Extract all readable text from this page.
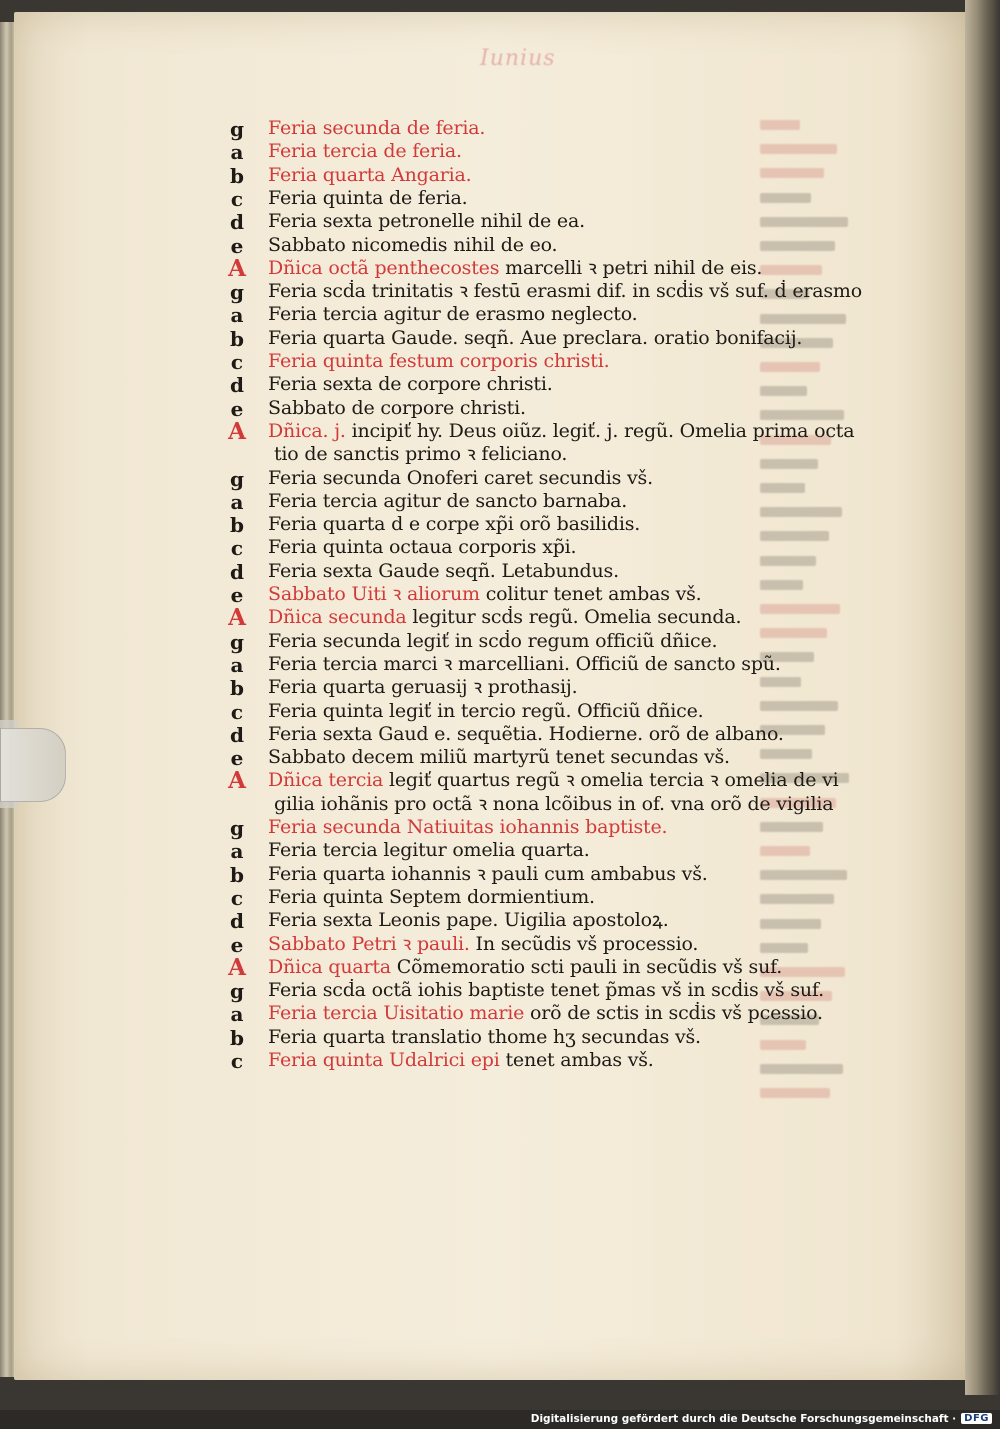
Iunius
g	Feria secunda de feria.
a	Feria tercia de feria.
b	Feria quarta Angaria.
c	Feria quinta de feria.
d	Feria sexta petronelle nihil de ea.
e	Sabbato nicomedis nihil de eo.
A	Dñica octã penthecostes marcelli ꝛ petri nihil de eis.
g	Feria scḋa trinitatis ꝛ festū erasmi dif. in scḋis vš suf. ḋ erasmo
a	Feria tercia agitur de erasmo neglecto.
b	Feria quarta Gaude. seqñ. Aue preclara. oratio bonifacij.
c	Feria quinta festum corporis christi.
d	Feria sexta de corpore christi.
e	Sabbato de corpore christi.
A	Dñica. j. incipiť hy. Deus oiũz. legiť. j. regũ. Omelia prima octa
tio de sanctis primo ꝛ feliciano.
g	Feria secunda Onoferi caret secundis vš.
a	Feria tercia agitur de sancto barnaba.
b	Feria quarta d e corpe xp̃i orõ basilidis.
c	Feria quinta octaua corporis xp̃i.
d	Feria sexta Gaude seqñ. Letabundus.
e	Sabbato Uiti ꝛ aliorum colitur tenet ambas vš.
A	Dñica secunda legitur scḋs regũ. Omelia secunda.
g	Feria secunda legiť in scḋo regum officiũ dñice.
a	Feria tercia marci ꝛ marcelliani. Officiũ de sancto spũ.
b	Feria quarta geruasij ꝛ prothasij.
c	Feria quinta legiť in tercio regũ. Officiũ dñice.
d	Feria sexta Gaud e. sequẽtia. Hodierne. orõ de albano.
e	Sabbato decem miliũ martyrũ tenet secundas vš.
A	Dñica tercia legiť quartus regũ ꝛ omelia tercia ꝛ omelia de vi
gilia iohãnis pro octã ꝛ nona lcõibus in of. vna orõ de vigilia
g	Feria secunda Natiuitas iohannis baptiste.
a	Feria tercia legitur omelia quarta.
b	Feria quarta iohannis ꝛ pauli cum ambabus vš.
c	Feria quinta Septem dormientium.
d	Feria sexta Leonis pape. Uigilia apostoloꝝ.
e	Sabbato Petri ꝛ pauli. In secũdis vš processio.
A	Dñica quarta Cõmemoratio scti pauli in secũdis vš suf.
g	Feria scḋa octã iohis baptiste tenet p̃mas vš in scḋis vš suf.
a	Feria tercia Uisitatio marie orõ de sctis in scḋis vš pcessio.
b	Feria quarta translatio thome hʒ secundas vš.
c	Feria quinta Udalrici epi tenet ambas vš.
Digitalisierung gefördert durch die Deutsche Forschungsgemeinschaft · DFG
